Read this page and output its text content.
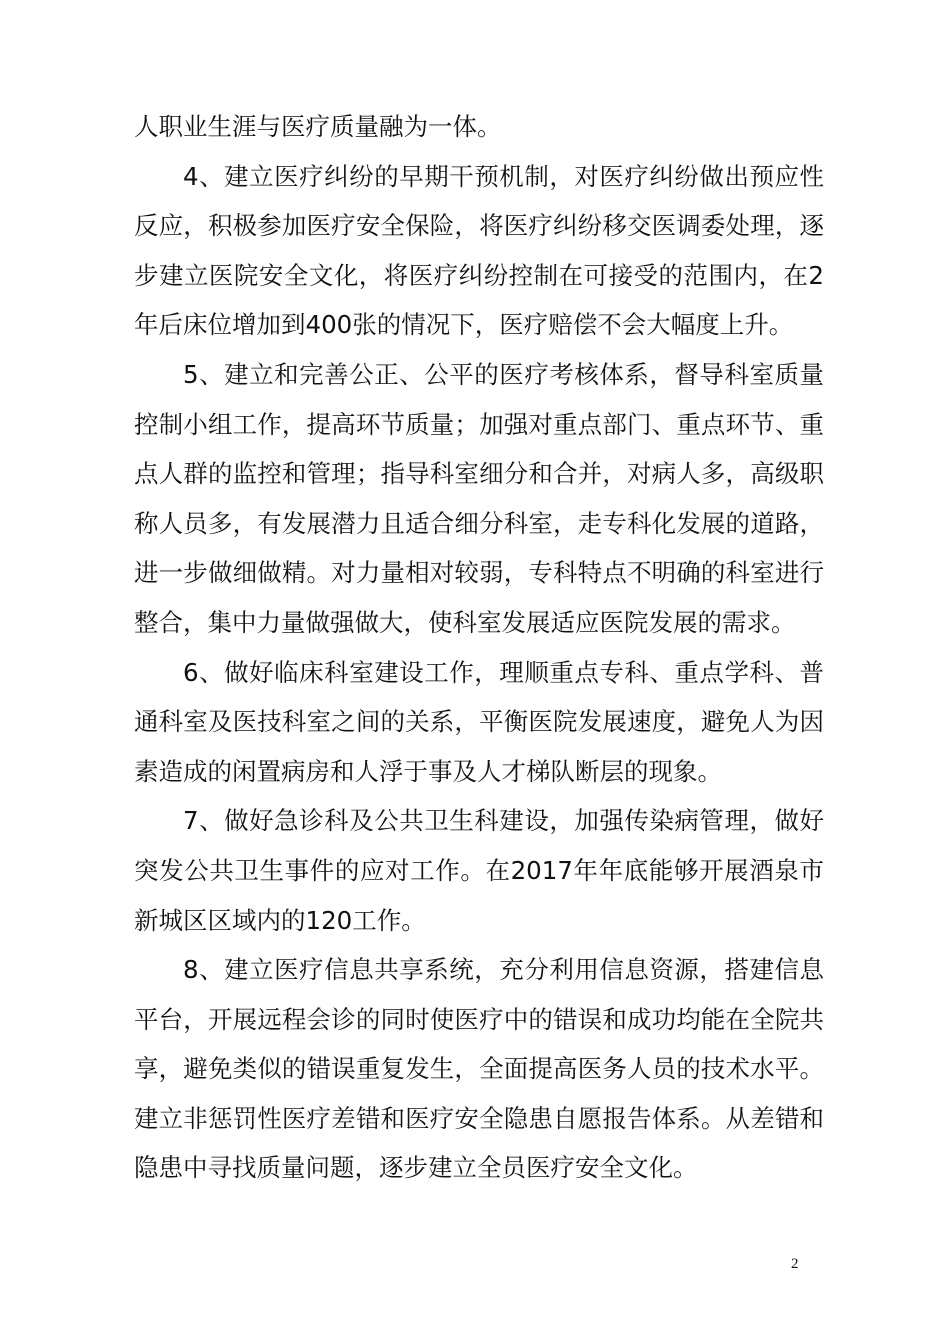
人职业生涯与医疗质量融为一体。

4、建立医疗纠纷的早期干预机制，对医疗纠纷做出预应性反应，积极参加医疗安全保险，将医疗纠纷移交医调委处理，逐步建立医院安全文化，将医疗纠纷控制在可接受的范围内，在2年后床位增加到400张的情况下，医疗赔偿不会大幅度上升。

5、建立和完善公正、公平的医疗考核体系，督导科室质量控制小组工作，提高环节质量；加强对重点部门、重点环节、重点人群的监控和管理；指导科室细分和合并，对病人多，高级职称人员多，有发展潜力且适合细分科室，走专科化发展的道路，进一步做细做精。对力量相对较弱，专科特点不明确的科室进行整合，集中力量做强做大，使科室发展适应医院发展的需求。

6、做好临床科室建设工作，理顺重点专科、重点学科、普通科室及医技科室之间的关系，平衡医院发展速度，避免人为因素造成的闲置病房和人浮于事及人才梯队断层的现象。

7、做好急诊科及公共卫生科建设，加强传染病管理，做好突发公共卫生事件的应对工作。在2017年年底能够开展酒泉市新城区区域内的120工作。

8、建立医疗信息共享系统，充分利用信息资源，搭建信息平台，开展远程会诊的同时使医疗中的错误和成功均能在全院共享，避免类似的错误重复发生，全面提高医务人员的技术水平。建立非惩罚性医疗差错和医疗安全隐患自愿报告体系。从差错和隐患中寻找质量问题，逐步建立全员医疗安全文化。

2
